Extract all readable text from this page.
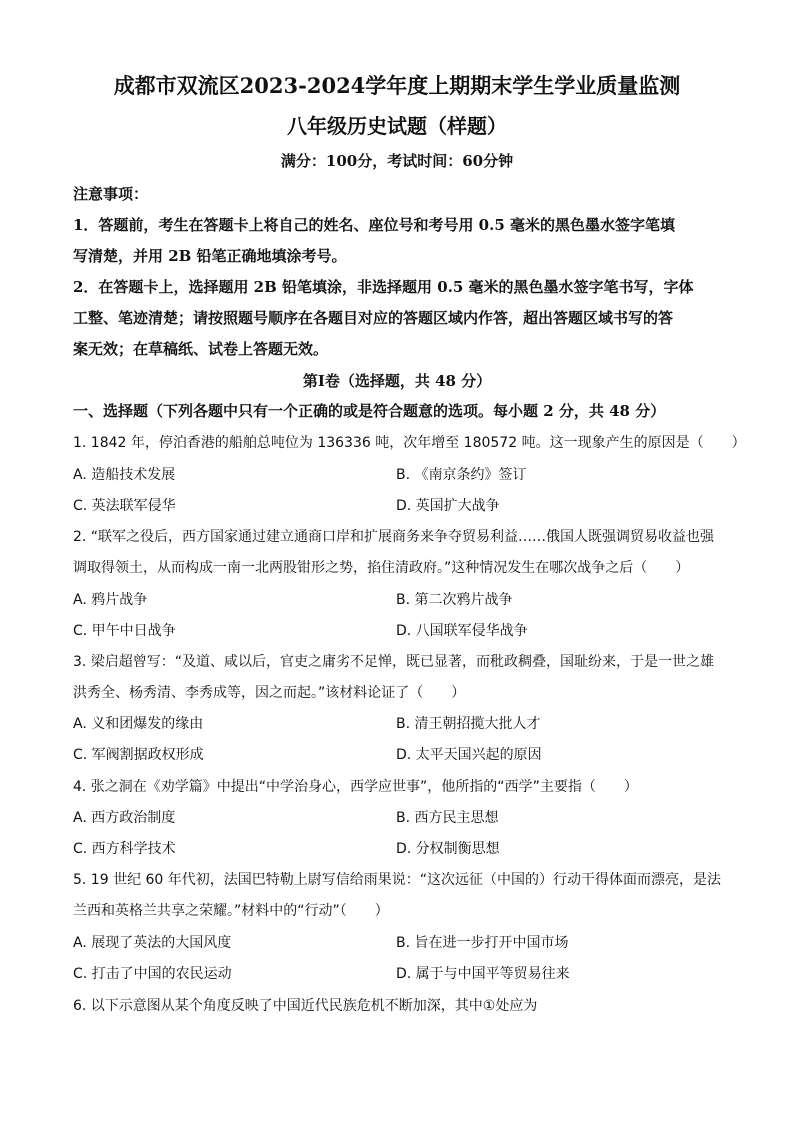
成都市双流区2023-2024学年度上期期末学生学业质量监测
八年级历史试题（样题）
满分：100分，考试时间：60分钟
注意事项：
1．答题前，考生在答题卡上将自己的姓名、座位号和考号用 0.5 毫米的黑色墨水签字笔填
写清楚，并用 2B 铅笔正确地填涂考号。
2．在答题卡上，选择题用 2B 铅笔填涂，非选择题用 0.5 毫米的黑色墨水签字笔书写，字体
工整、笔迹清楚；请按照题号顺序在各题目对应的答题区域内作答，超出答题区域书写的答
案无效；在草稿纸、试卷上答题无效。
第Ⅰ卷（选择题，共 48 分）
一、选择题（下列各题中只有一个正确的或是符合题意的选项。每小题 2 分，共 48 分）
1. 1842 年，停泊香港的船舶总吨位为 136336 吨，次年增至 180572 吨。这一现象产生的原因是（　　）
A. 造船技术发展	B. 《南京条约》签订
C. 英法联军侵华	D. 英国扩大战争
2. “联军之役后，西方国家通过建立通商口岸和扩展商务来争夺贸易利益……俄国人既强调贸易收益也强
调取得领土，从而构成一南一北两股钳形之势，掐住清政府。”这种情况发生在哪次战争之后（　　）
A. 鸦片战争	B. 第二次鸦片战争
C. 甲午中日战争	D. 八国联军侵华战争
3. 梁启超曾写：“及道、咸以后，官吏之庸劣不足惮，既已显著，而秕政稠叠，国耻纷来，于是一世之雄
洪秀全、杨秀清、李秀成等，因之而起。”该材料论证了（　　）
A. 义和团爆发的缘由	B. 清王朝招揽大批人才
C. 军阀割据政权形成	D. 太平天国兴起的原因
4. 张之洞在《劝学篇》中提出“中学治身心，西学应世事”，他所指的“西学”主要指（　　）
A. 西方政治制度	B. 西方民主思想
C. 西方科学技术	D. 分权制衡思想
5. 19 世纪 60 年代初，法国巴特勒上尉写信给雨果说：“这次远征（中国的）行动干得体面而漂亮，是法
兰西和英格兰共享之荣耀。”材料中的“行动”（　　）
A. 展现了英法的大国风度	B. 旨在进一步打开中国市场
C. 打击了中国的农民运动	D. 属于与中国平等贸易往来
6. 以下示意图从某个角度反映了中国近代民族危机不断加深，其中①处应为
